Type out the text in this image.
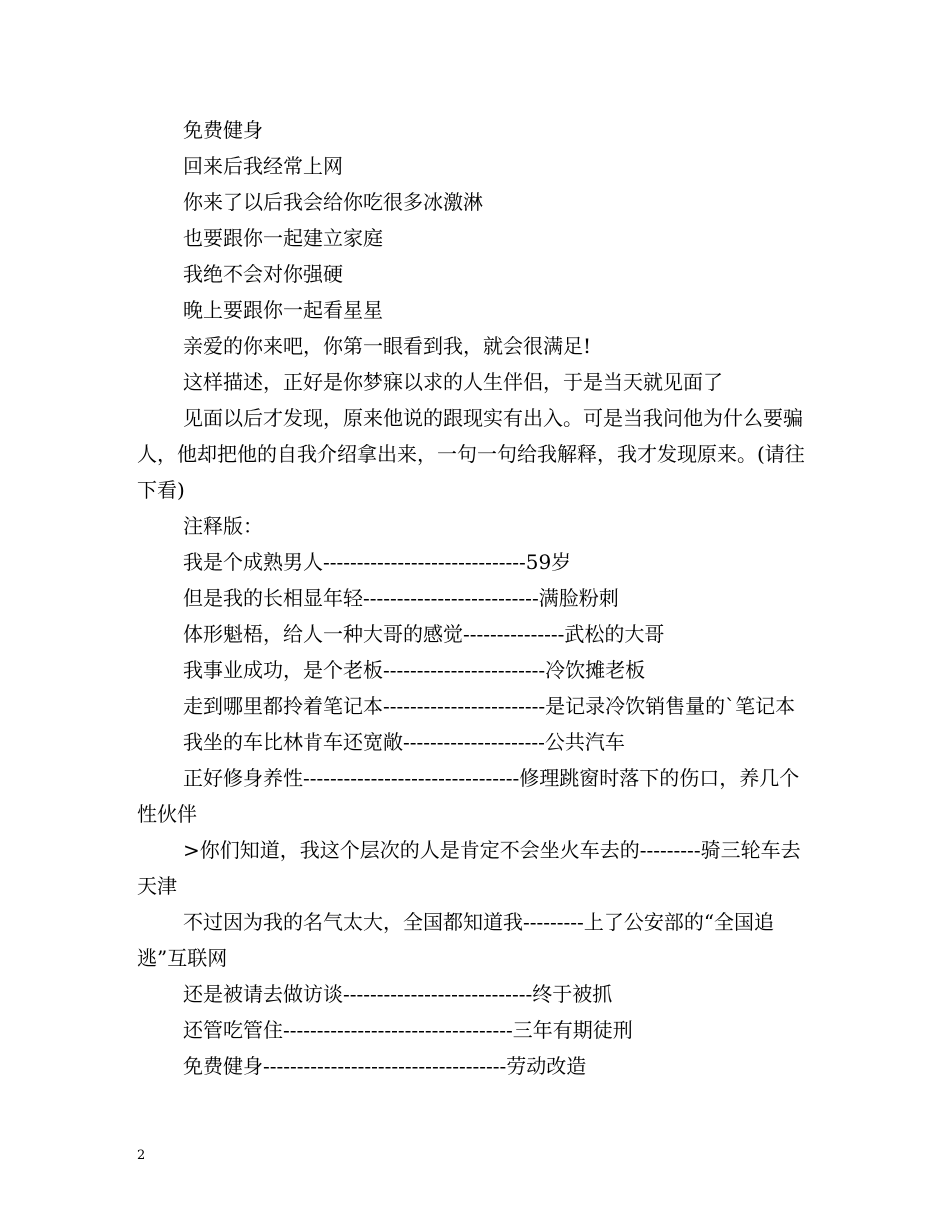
免费健身

回来后我经常上网

你来了以后我会给你吃很多冰激淋

也要跟你一起建立家庭

我绝不会对你强硬

晚上要跟你一起看星星

亲爱的你来吧，你第一眼看到我，就会很满足!

这样描述，正好是你梦寐以求的人生伴侣，于是当天就见面了

见面以后才发现，原来他说的跟现实有出入。可是当我问他为什么要骗人，他却把他的自我介绍拿出来，一句一句给我解释，我才发现原来。(请往下看)

注释版：

我是个成熟男人------------------------------59岁

但是我的长相显年轻--------------------------满脸粉刺

体形魁梧，给人一种大哥的感觉---------------武松的大哥

我事业成功，是个老板------------------------冷饮摊老板

走到哪里都拎着笔记本------------------------是记录冷饮销售量的`笔记本

我坐的车比林肯车还宽敞---------------------公共汽车

正好修身养性--------------------------------修理跳窗时落下的伤口，养几个性伙伴

>你们知道，我这个层次的人是肯定不会坐火车去的---------骑三轮车去天津

不过因为我的名气太大，全国都知道我---------上了公安部的“全国追逃”互联网

还是被请去做访谈----------------------------终于被抓

还管吃管住----------------------------------三年有期徒刑

免费健身------------------------------------劳动改造

2
